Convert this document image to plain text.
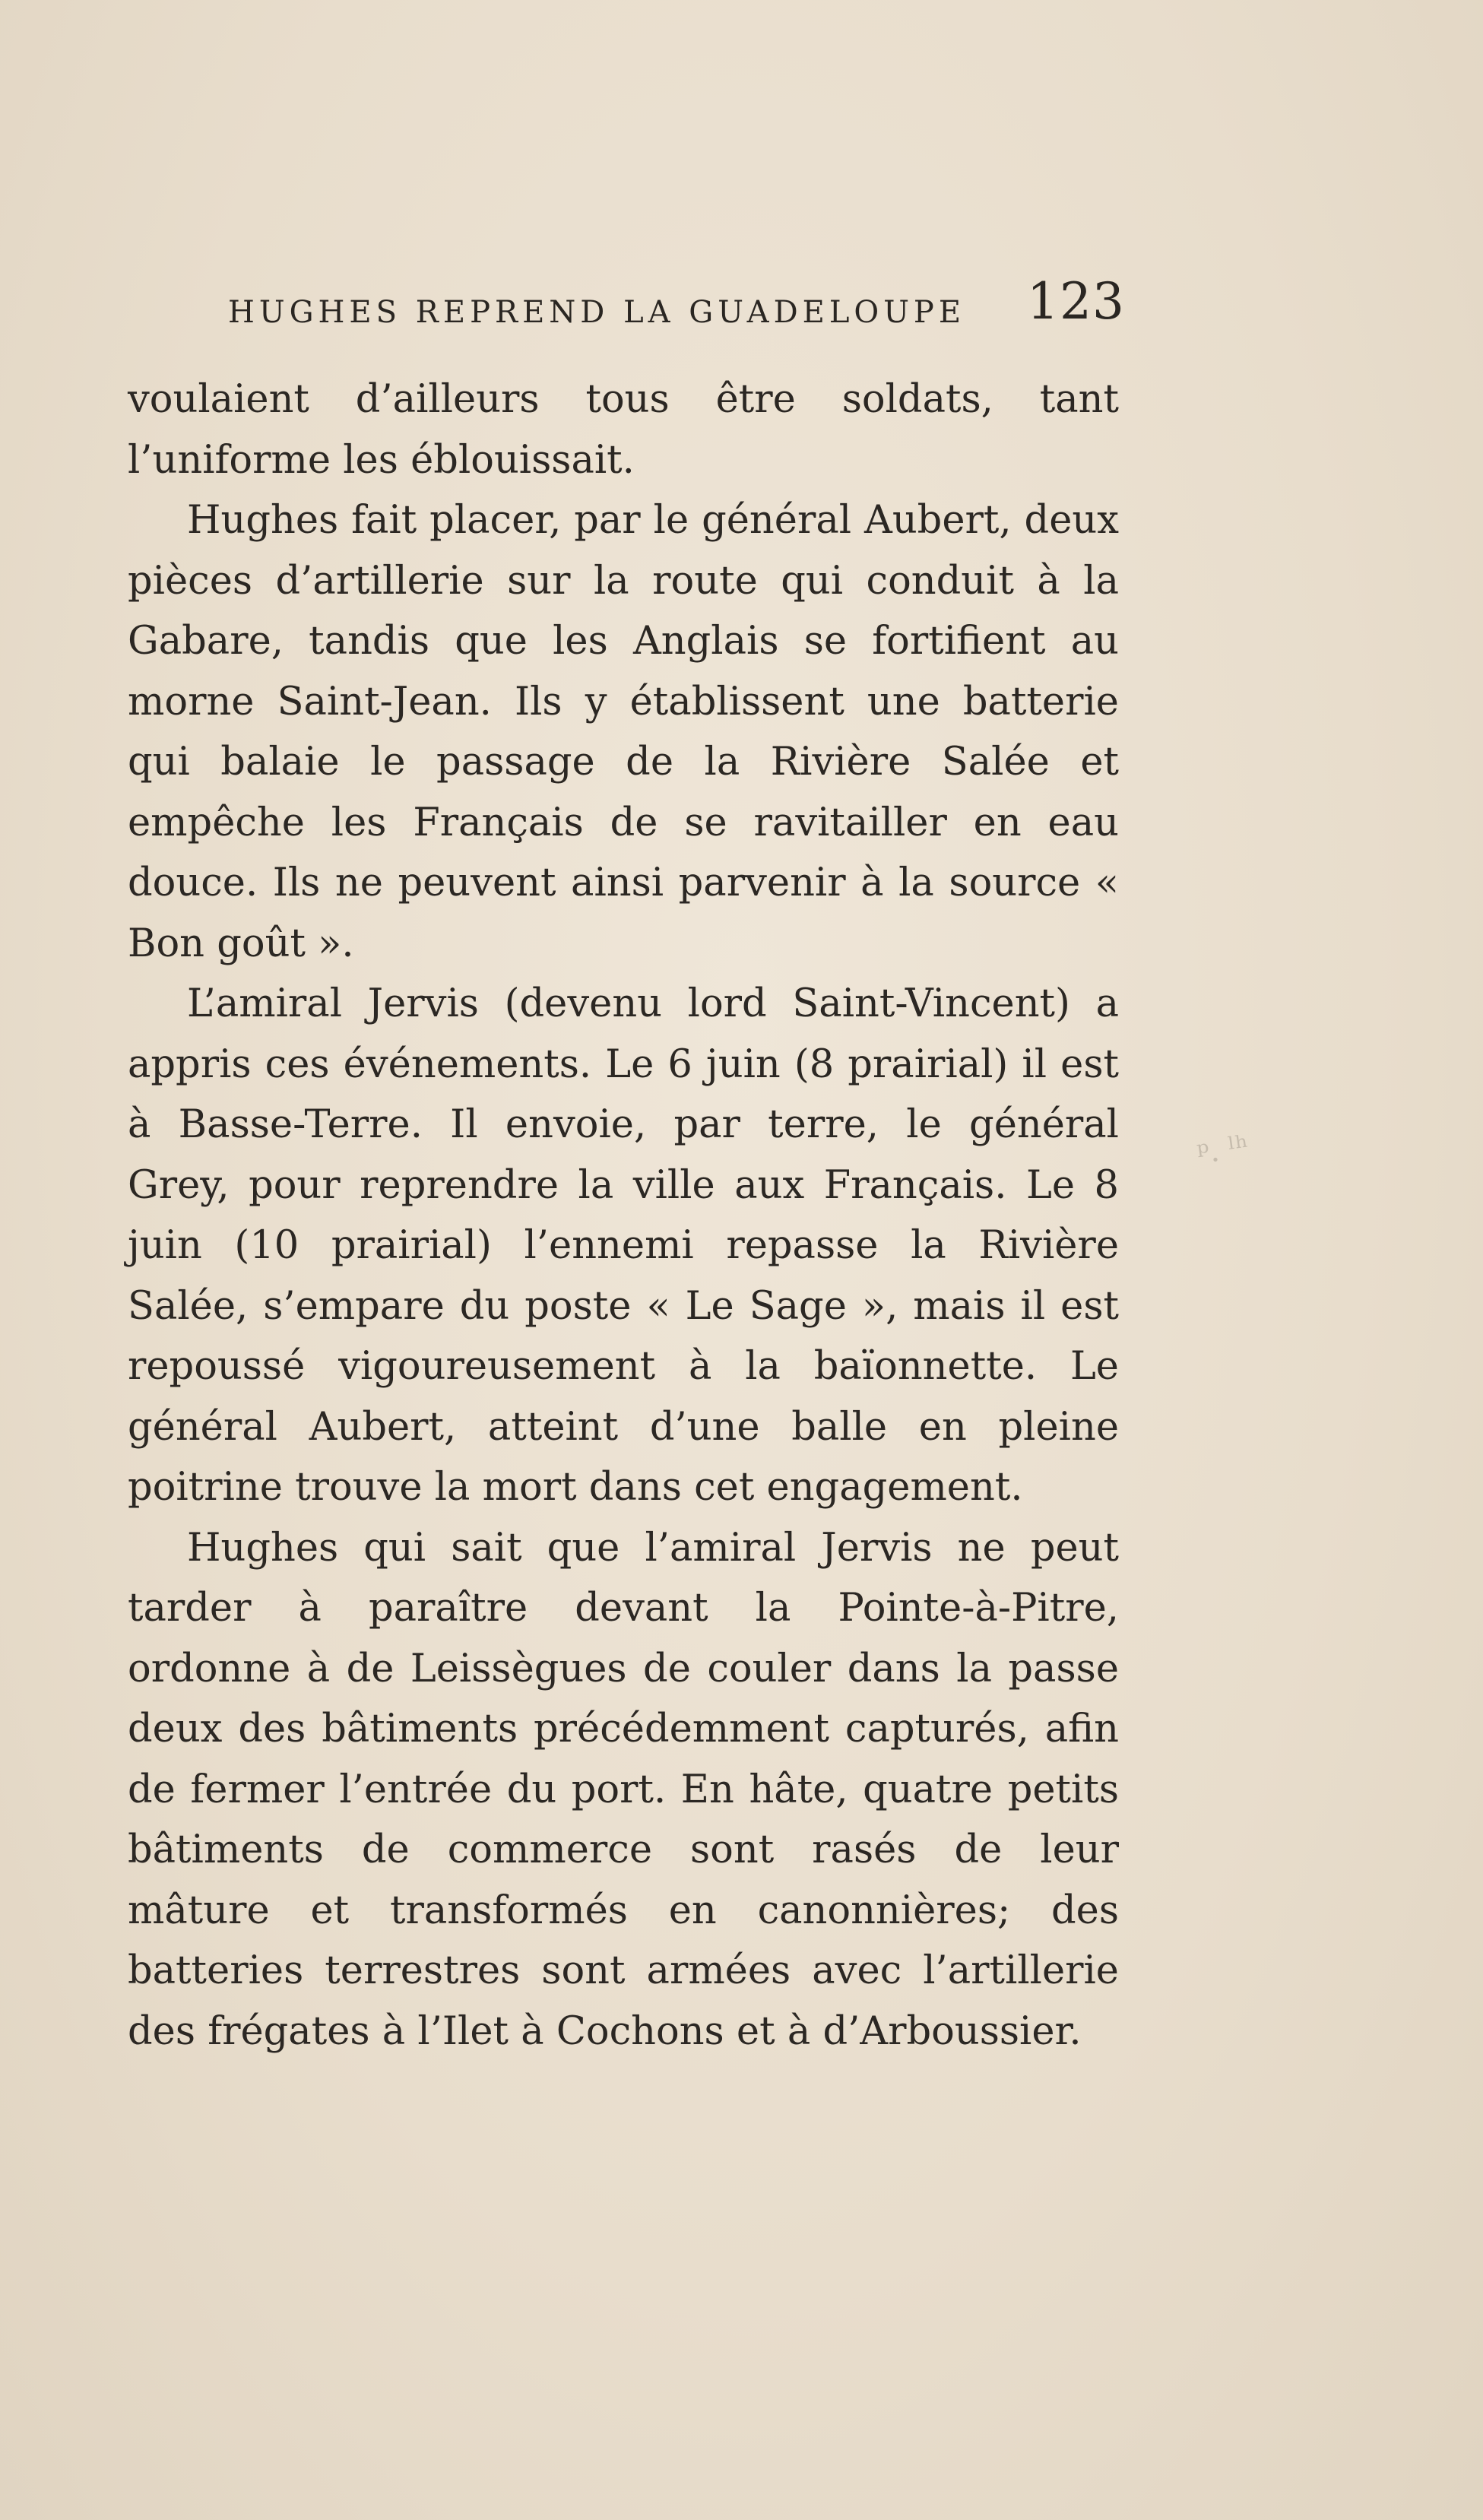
HUGHES REPREND LA GUADELOUPE 123

voulaient d’ailleurs tous être soldats, tant l’uniforme les éblouissait.

Hughes fait placer, par le général Aubert, deux pièces d’artillerie sur la route qui conduit à la Gabare, tandis que les Anglais se fortifient au morne Saint-Jean. Ils y établissent une batterie qui balaie le passage de la Rivière Salée et empêche les Français de se ravitailler en eau douce. Ils ne peuvent ainsi parvenir à la source « Bon goût ».

L’amiral Jervis (devenu lord Saint-Vincent) a appris ces événements. Le 6 juin (8 prairial) il est à Basse-Terre. Il envoie, par terre, le général Grey, pour reprendre la ville aux Français. Le 8 juin (10 prairial) l’ennemi repasse la Rivière Salée, s’empare du poste « Le Sage », mais il est repoussé vigoureusement à la baïonnette. Le général Aubert, atteint d’une balle en pleine poitrine trouve la mort dans cet engagement.

Hughes qui sait que l’amiral Jervis ne peut tarder à paraître devant la Pointe-à-Pitre, ordonne à de Leissègues de couler dans la passe deux des bâtiments précédemment capturés, afin de fermer l’entrée du port. En hâte, quatre petits bâtiments de commerce sont rasés de leur mâture et transformés en canonnières; des batteries terrestres sont armées avec l’artillerie des frégates à l’Ilet à Cochons et à d’Arboussier.

ᵖ. ˡʰ
